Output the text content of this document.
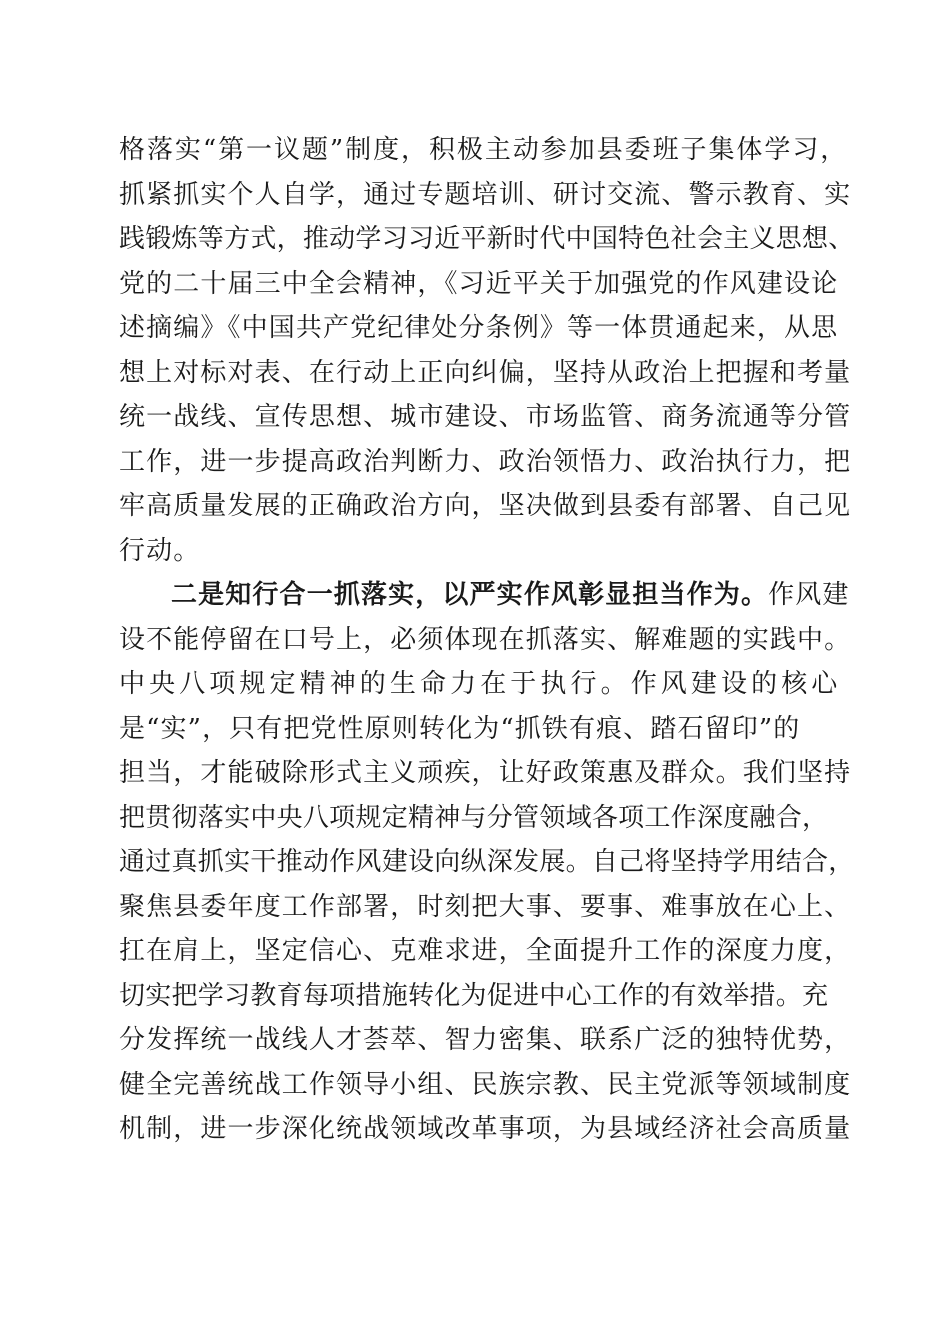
格落实“第一议题”制度，积极主动参加县委班子集体学习，
抓紧抓实个人自学，通过专题培训、研讨交流、警示教育、实
践锻炼等方式，推动学习习近平新时代中国特色社会主义思想、
党的二十届三中全会精神，《习近平关于加强党的作风建设论
述摘编》《中国共产党纪律处分条例》等一体贯通起来，从思
想上对标对表、在行动上正向纠偏，坚持从政治上把握和考量
统一战线、宣传思想、城市建设、市场监管、商务流通等分管
工作，进一步提高政治判断力、政治领悟力、政治执行力，把
牢高质量发展的正确政治方向，坚决做到县委有部署、自己见
行动。
二是知行合一抓落实，以严实作风彰显担当作为。作风建
设不能停留在口号上，必须体现在抓落实、解难题的实践中。
中央八项规定精神的生命力在于执行。作风建设的核心
是“实”，只有把党性原则转化为“抓铁有痕、踏石留印”的
担当，才能破除形式主义顽疾，让好政策惠及群众。我们坚持
把贯彻落实中央八项规定精神与分管领域各项工作深度融合，
通过真抓实干推动作风建设向纵深发展。自己将坚持学用结合，
聚焦县委年度工作部署，时刻把大事、要事、难事放在心上、
扛在肩上，坚定信心、克难求进，全面提升工作的深度力度，
切实把学习教育每项措施转化为促进中心工作的有效举措。充
分发挥统一战线人才荟萃、智力密集、联系广泛的独特优势，
健全完善统战工作领导小组、民族宗教、民主党派等领域制度
机制，进一步深化统战领域改革事项，为县域经济社会高质量
